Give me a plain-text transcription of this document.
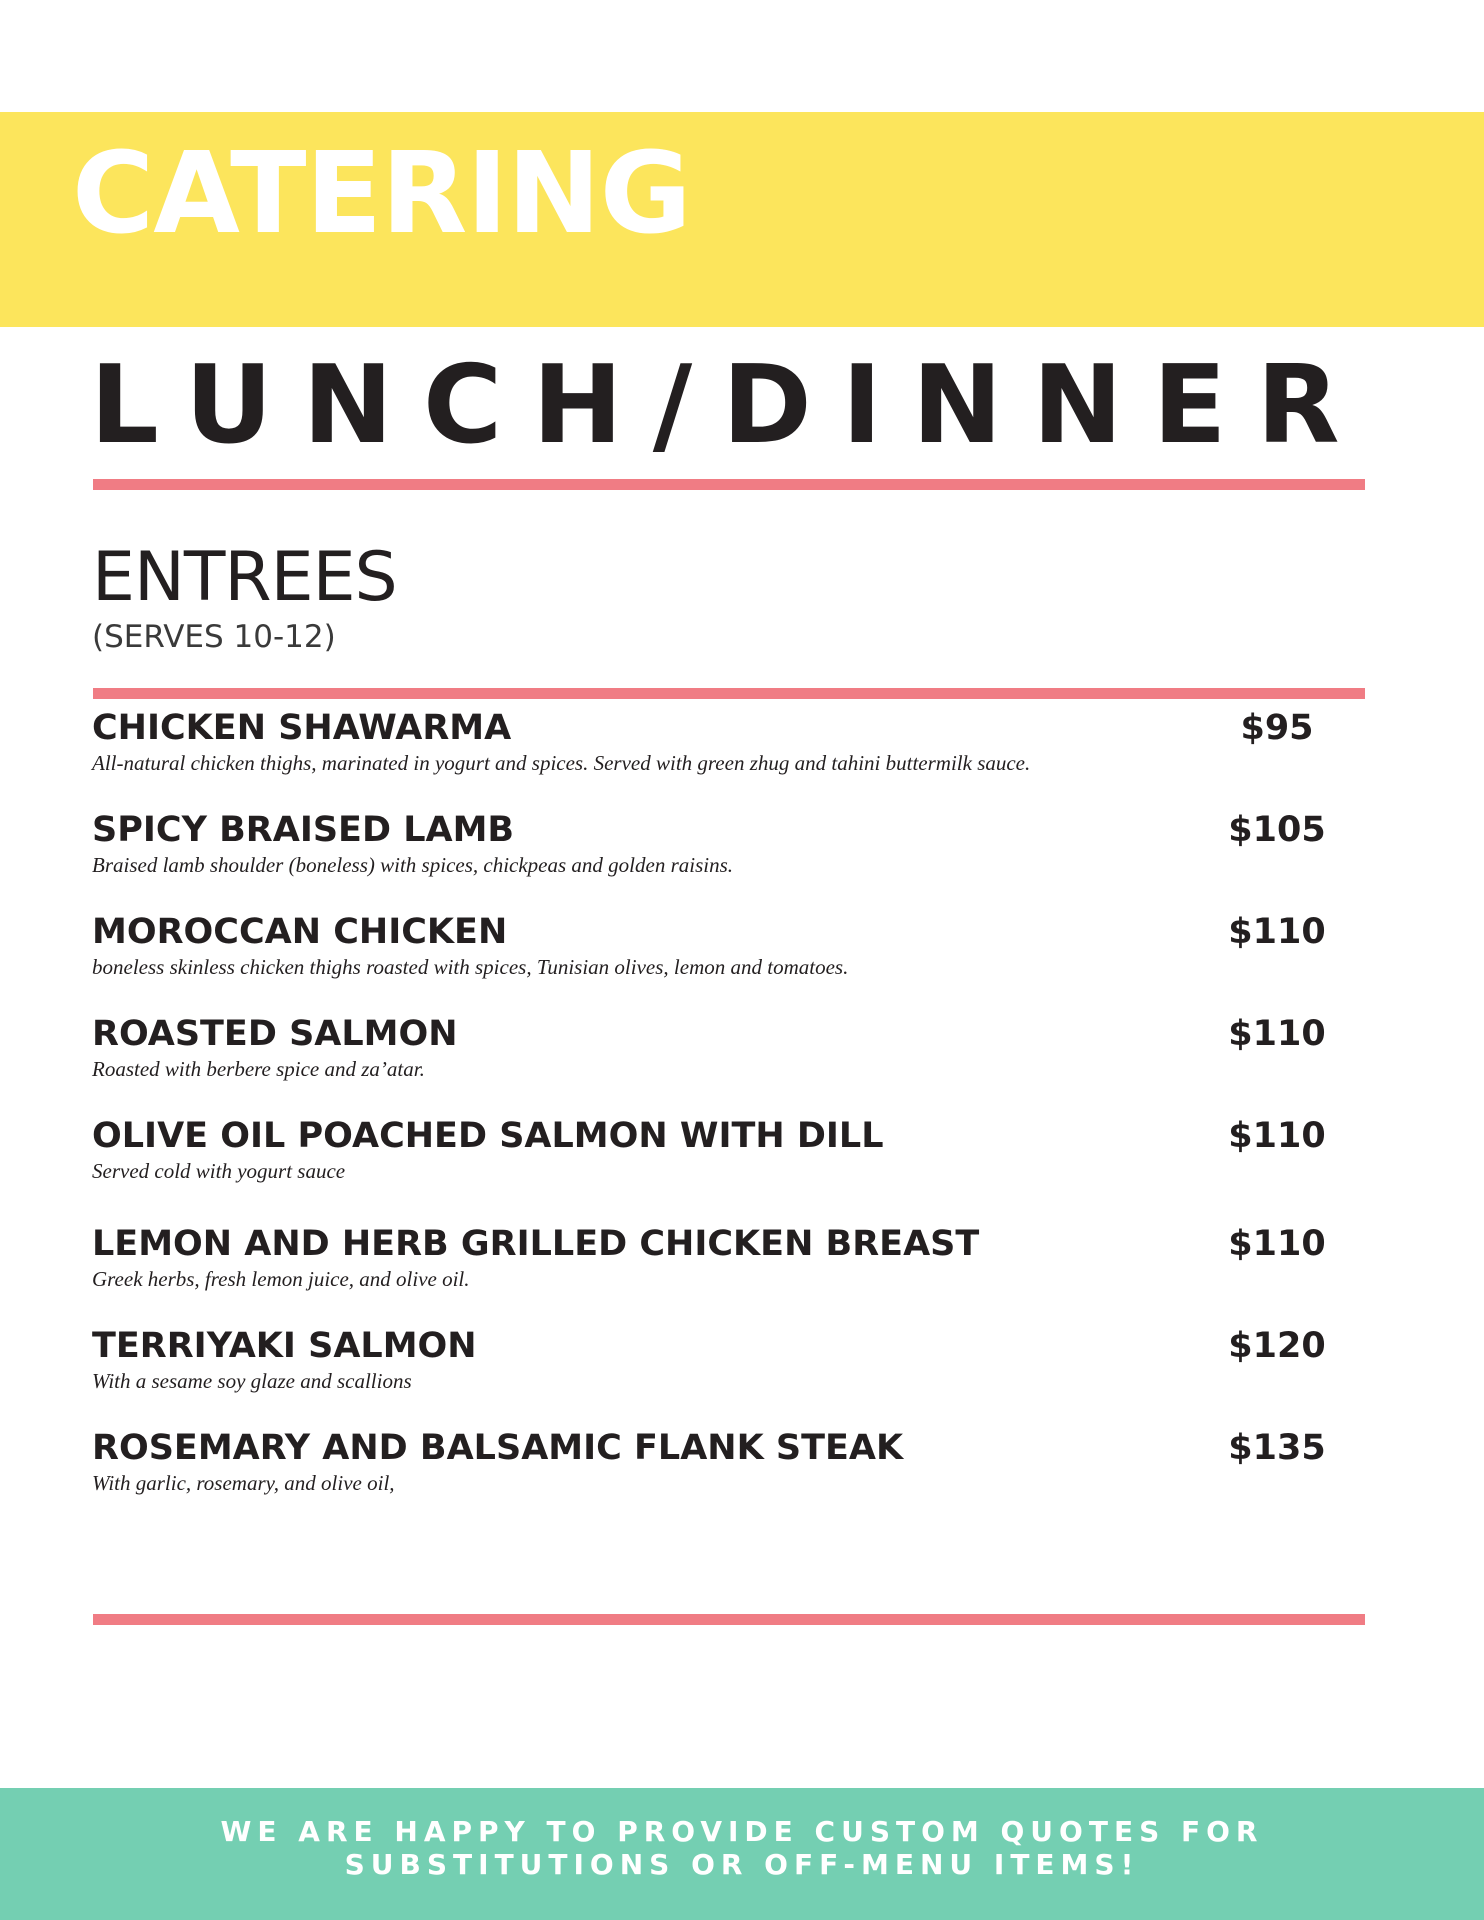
CATERING
LUNCH/DINNER
ENTREES

(SERVES 10-12)

CHICKEN SHAWARMA	$95
All-natural chicken thighs, marinated in yogurt and spices. Served with green zhug and tahini buttermilk sauce.
SPICY BRAISED LAMB	$105
Braised lamb shoulder (boneless) with spices, chickpeas and golden raisins.
MOROCCAN CHICKEN	$110
boneless skinless chicken thighs roasted with spices, Tunisian olives, lemon and tomatoes.
ROASTED SALMON	$110
Roasted with berbere spice and za’atar.
OLIVE OIL POACHED SALMON WITH DILL	$110
Served cold with yogurt sauce
LEMON AND HERB GRILLED CHICKEN BREAST	$110
Greek herbs, fresh lemon juice, and olive oil.
TERRIYAKI SALMON	$120
With a sesame soy glaze and scallions
ROSEMARY AND BALSAMIC FLANK STEAK	$135
With garlic, rosemary, and olive oil,

WE ARE HAPPY TO PROVIDE CUSTOM QUOTES FOR
SUBSTITUTIONS OR OFF-MENU ITEMS!
